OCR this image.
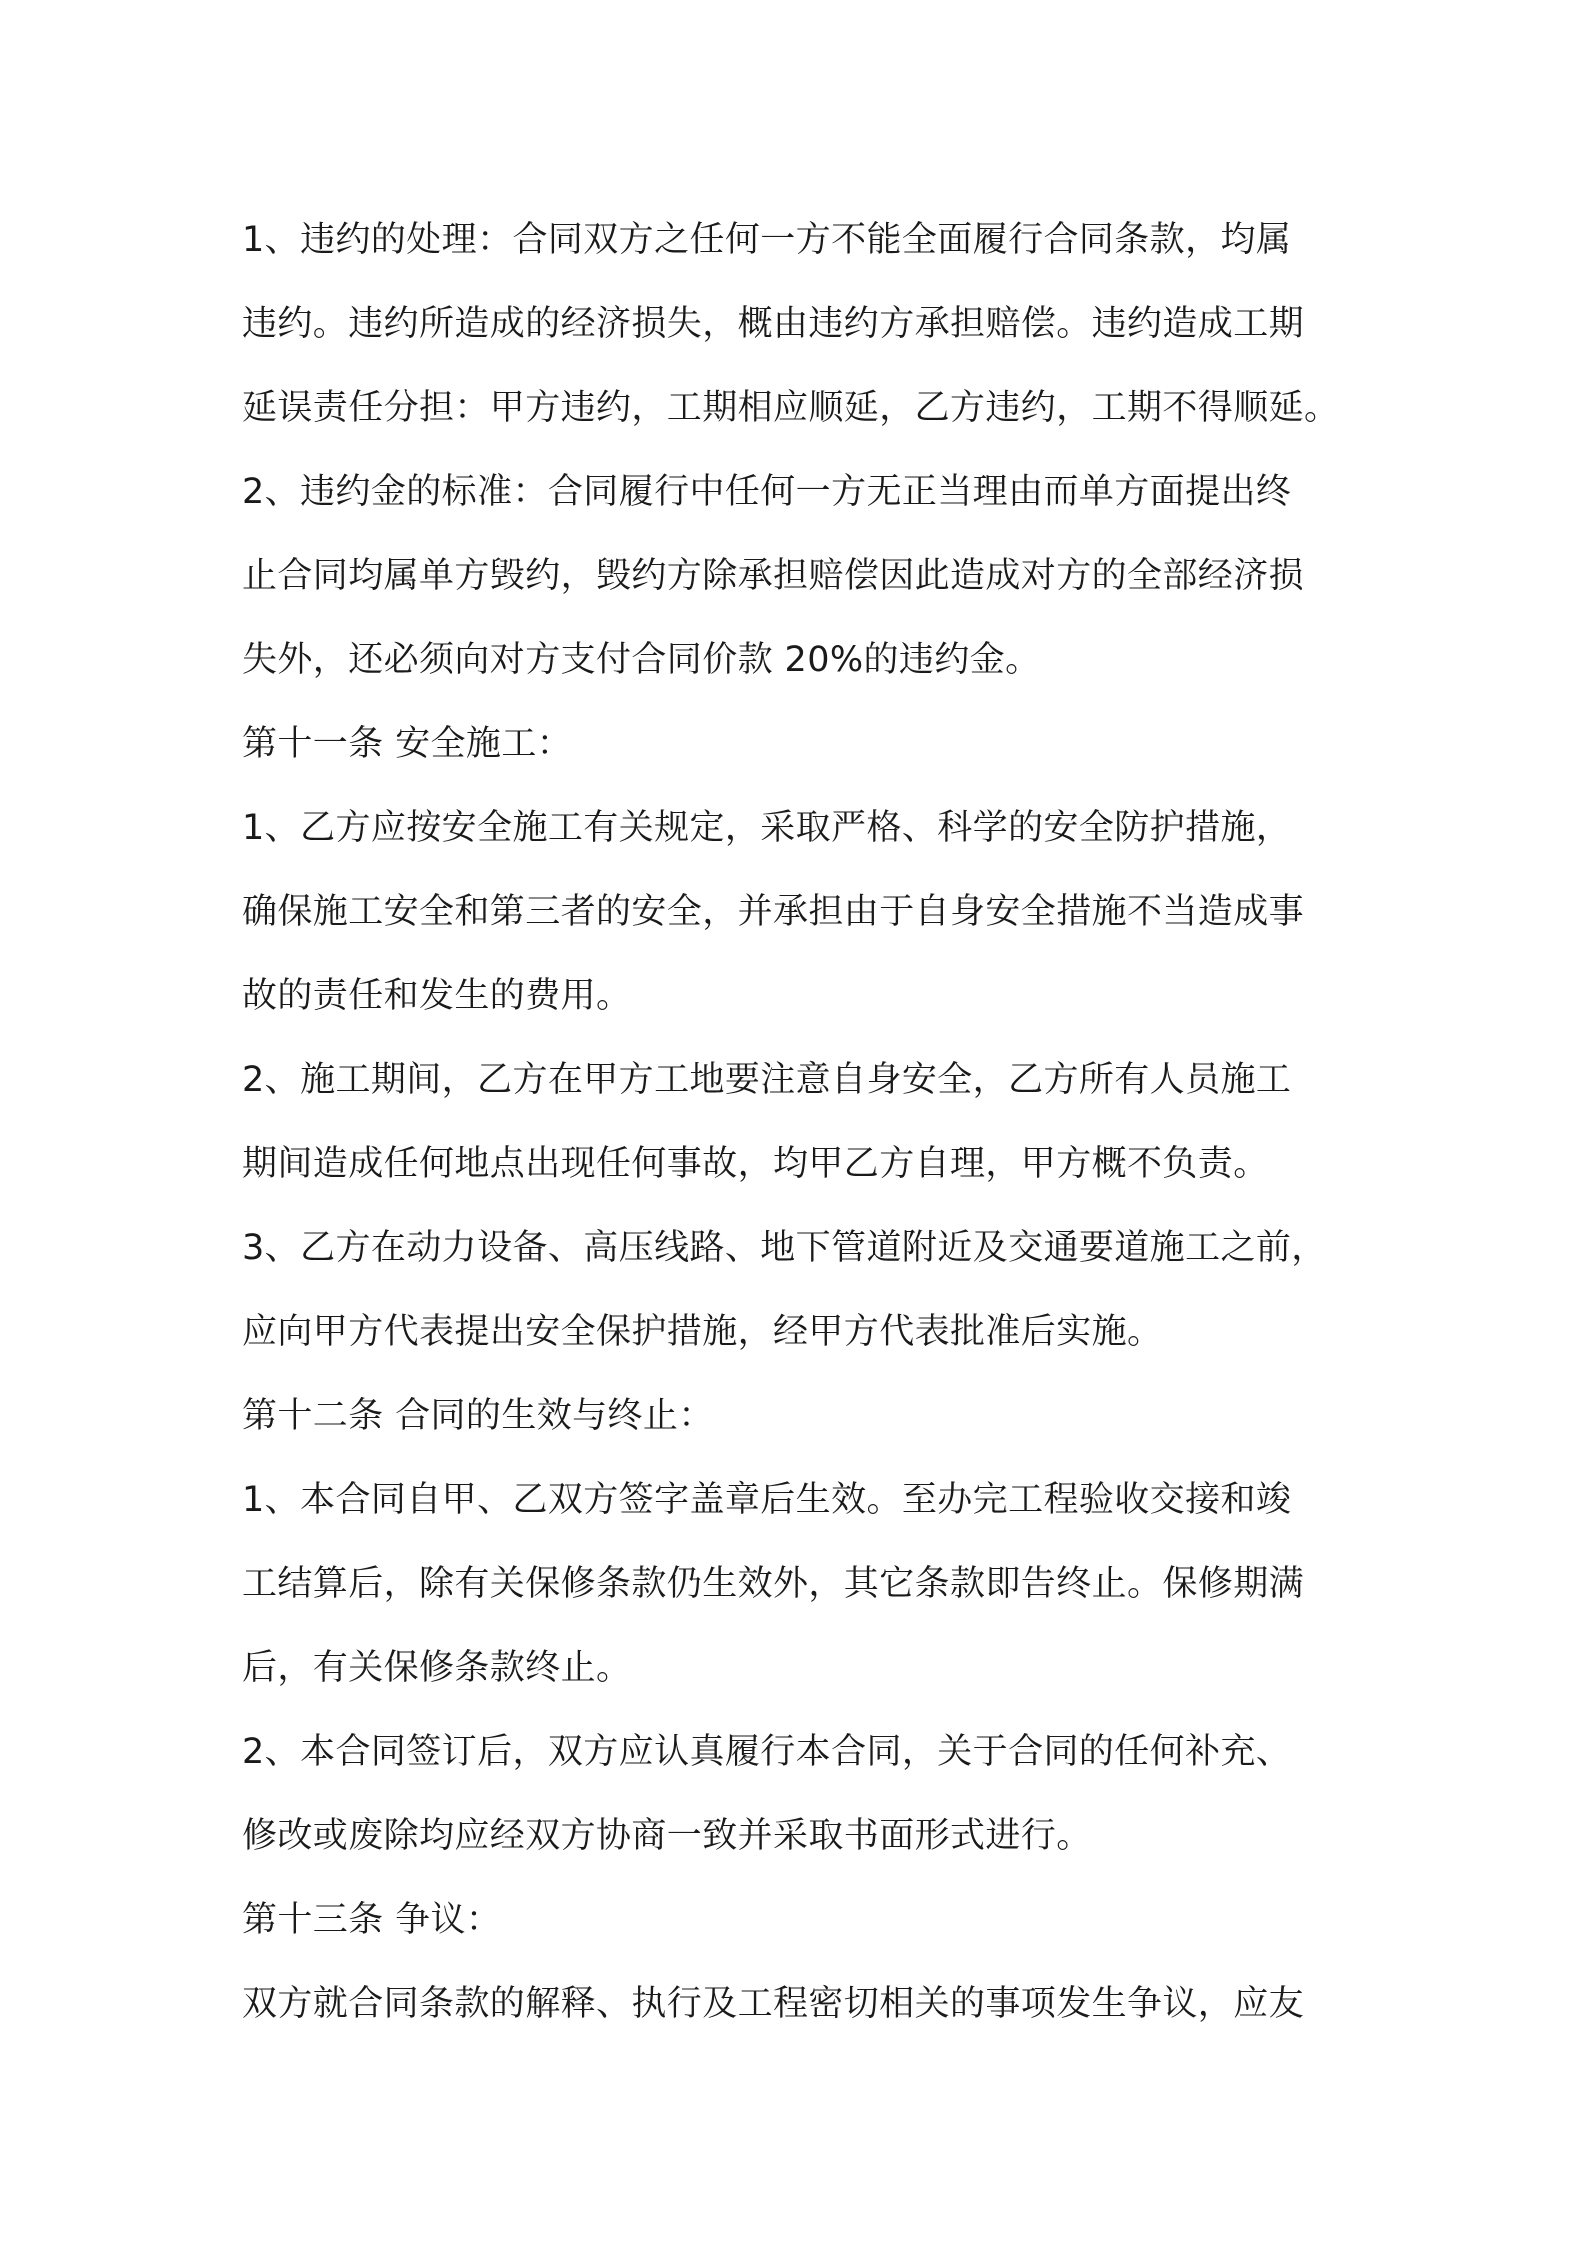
1、违约的处理：合同双方之任何一方不能全面履行合同条款，均属
违约。违约所造成的经济损失，概由违约方承担赔偿。违约造成工期
延误责任分担：甲方违约，工期相应顺延，乙方违约，工期不得顺延。
2、违约金的标准：合同履行中任何一方无正当理由而单方面提出终
止合同均属单方毁约，毁约方除承担赔偿因此造成对方的全部经济损
失外，还必须向对方支付合同价款 20%的违约金。
第十一条 安全施工：
1、乙方应按安全施工有关规定，采取严格、科学的安全防护措施，
确保施工安全和第三者的安全，并承担由于自身安全措施不当造成事
故的责任和发生的费用。
2、施工期间，乙方在甲方工地要注意自身安全，乙方所有人员施工
期间造成任何地点出现任何事故，均甲乙方自理，甲方概不负责。
3、乙方在动力设备、高压线路、地下管道附近及交通要道施工之前，
应向甲方代表提出安全保护措施，经甲方代表批准后实施。
第十二条 合同的生效与终止：
1、本合同自甲、乙双方签字盖章后生效。至办完工程验收交接和竣
工结算后，除有关保修条款仍生效外，其它条款即告终止。保修期满
后，有关保修条款终止。
2、本合同签订后，双方应认真履行本合同，关于合同的任何补充、
修改或废除均应经双方协商一致并采取书面形式进行。
第十三条 争议：
双方就合同条款的解释、执行及工程密切相关的事项发生争议，应友
